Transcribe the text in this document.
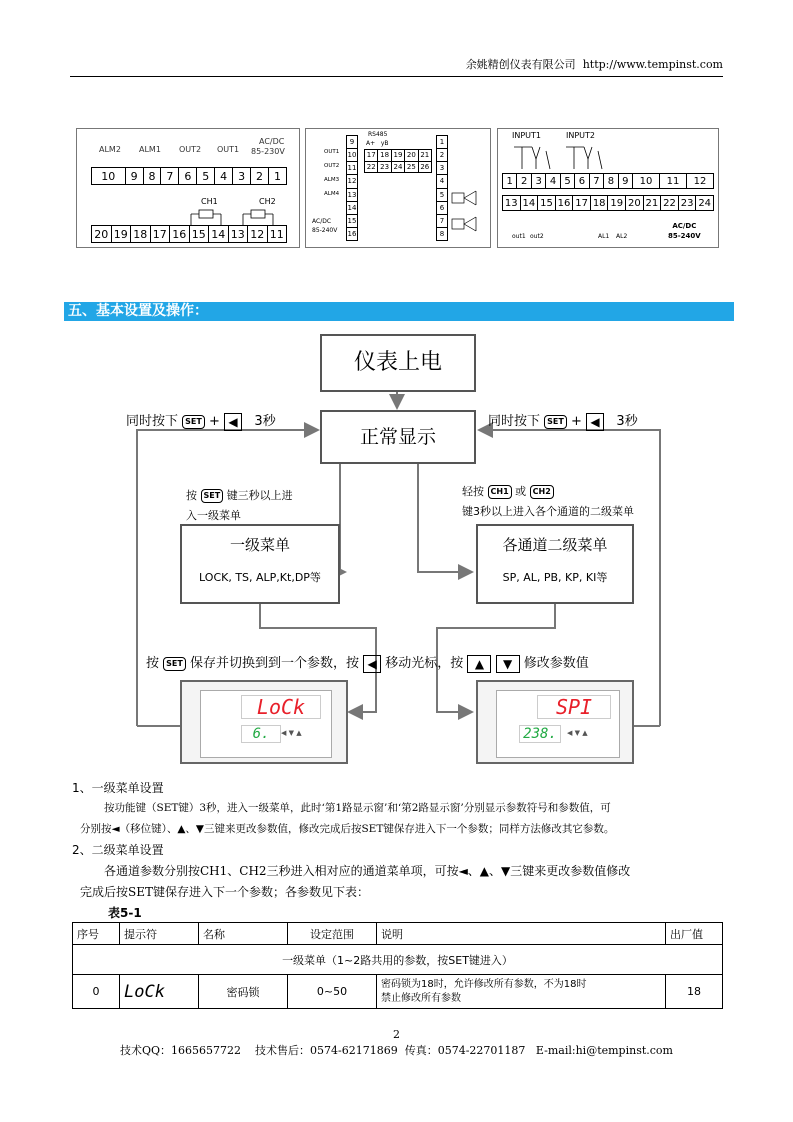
余姚精创仪表有限公司 http://www.tempinst.com
ALM2 ALM1 OUT2 OUT1
AC/DC
85-230V
10	9	8	7	6	5	4	3	2	1
CH1	CH2
20	19	18	17	16	15	14	13	12	11
OUT1
OUT2
ALM3
ALM4
AC/DC
85-240V
9
10
11
12
13
14
15
16
RS485
A+   yB
17	18	19	20	21
22	23	24	25	26
1
2
3
4
5
6
7
8
INPUT1	INPUT2
1	2	3	4	5	6	7	8	9	10	11	12
13	14	15	16	17	18	19	20	21	22	23	24
out1 out2	AL1 AL2
AC/DC
85-240V
五、基本设置及操作：
仪表上电
同时按下 SET + ◀ 3秒	同时按下 SET + ◀ 3秒
正常显示
按 SET 键三秒以上进
入一级菜单
轻按 CH1 或 CH2
键3秒以上进入各个通道的二级菜单
一级菜单
LOCK, TS, ALP,Kt,DP等
各通道二级菜单
SP, AL, PB, KP, KI等
按 SET 保存并切换到到一个参数，按 ◀ 移动光标，按 ▲ ▼ 修改参数值
LoCk
6.	◀ ▼ ▲
SPI
238.	◀ ▼ ▲
1、一级菜单设置
按功能键（SET键）3秒，进入一级菜单，此时‘第1路显示窗’和‘第2路显示窗’分别显示参数符号和参数值，可
分别按◄（移位键）、▲、▼三键来更改参数值，修改完成后按SET键保存进入下一个参数；同样方法修改其它参数。
2、二级菜单设置
各通道参数分别按CH1、CH2三秒进入相对应的通道菜单项，可按◄、▲、▼三键来更改参数值修改
完成后按SET键保存进入下一个参数；各参数见下表：
表5-1
序号	提示符	名称	设定范围	说明	出厂值
一级菜单（1~2路共用的参数，按SET键进入）					
0	LoCk	密码锁	0~50	密码锁为18时，允许修改所有参数，不为18时
禁止修改所有参数	18
2
技术QQ：1665657722    技术售后：0574-62171869  传真：0574-22701187   E-mail:hi@tempinst.com
